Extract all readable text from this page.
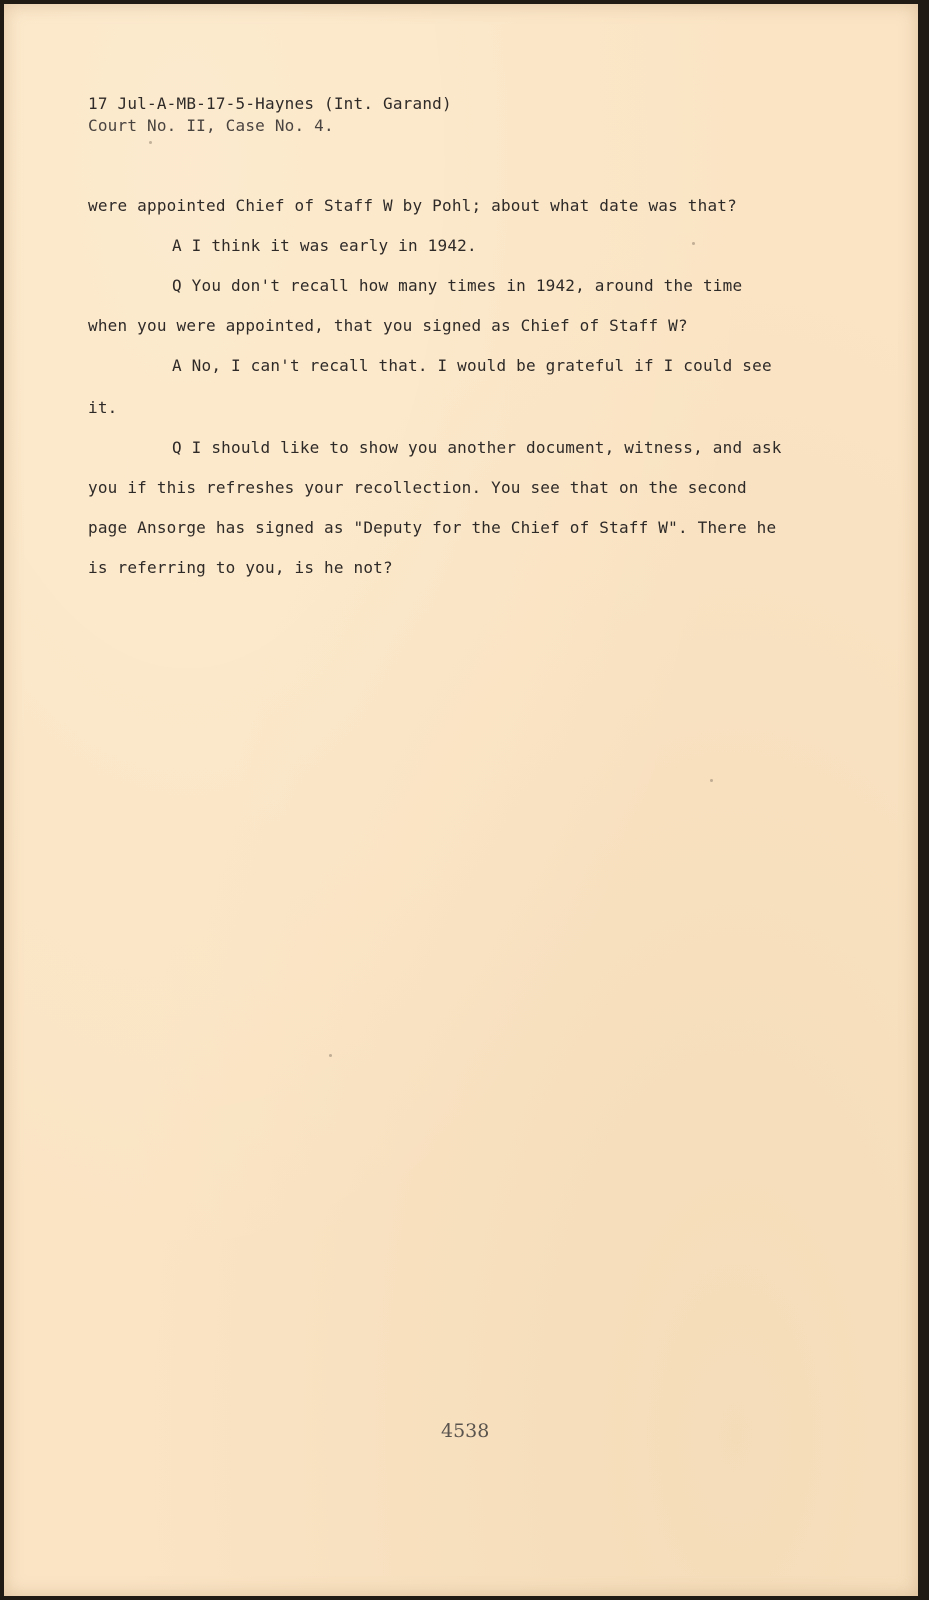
17 Jul-A-MB-17-5-Haynes (Int. Garand)

Court No. II, Case No. 4.

were appointed Chief of Staff W by Pohl; about what date was that?

A I think it was early in 1942.

Q You don't recall how many times in 1942, around the time

when you were appointed, that you signed as Chief of Staff W?

A No, I can't recall that. I would be grateful if I could see

it.

Q I should like to show you another document, witness, and ask

you if this refreshes your recollection. You see that on the second

page Ansorge has signed as "Deputy for the Chief of Staff W". There he

is referring to you, is he not?

4538
